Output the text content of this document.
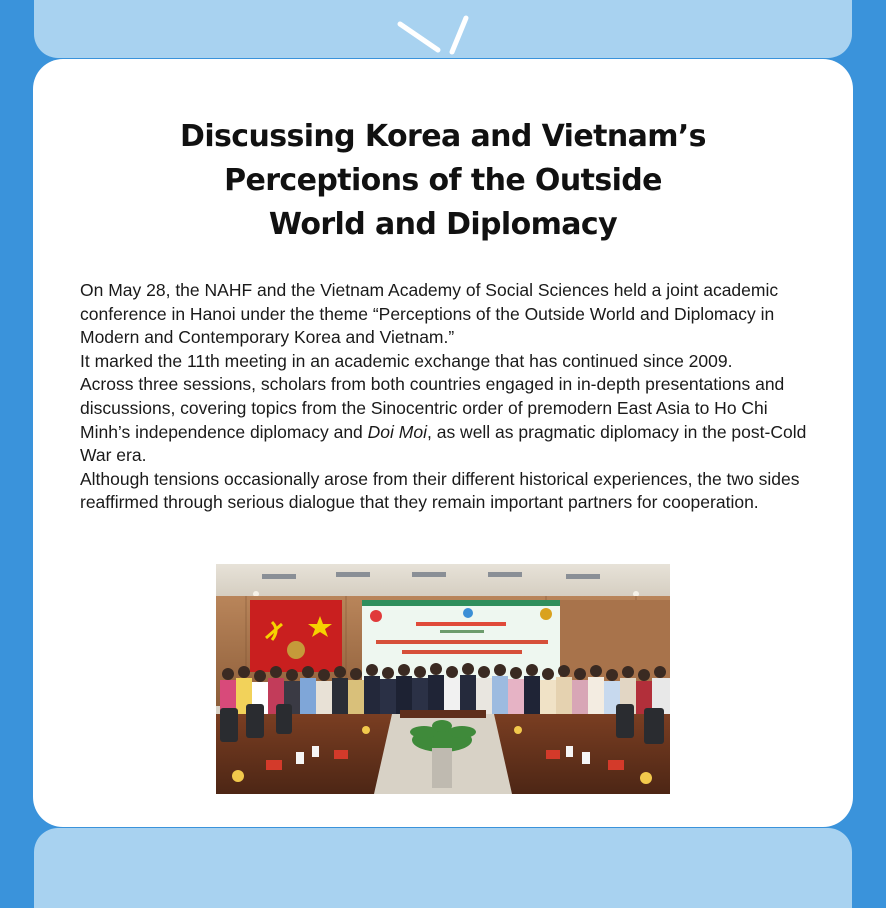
Discussing Korea and Vietnam’s
Perceptions of the Outside
World and Diplomacy

On May 28, the NAHF and the Vietnam Academy of Social Sciences held a joint academic conference in Hanoi under the theme “Perceptions of the Outside World and Diplomacy in Modern and Contemporary Korea and Vietnam.”

It marked the 11th meeting in an academic exchange that has continued since 2009.

Across three sessions, scholars from both countries engaged in in-depth presentations and discussions, covering topics from the Sinocentric order of premodern East Asia to Ho Chi Minh’s independence diplomacy and Doi Moi, as well as pragmatic diplomacy in the post-Cold War era.

Although tensions occasionally arose from their different historical experiences, the two sides reaffirmed through serious dialogue that they remain important partners for cooperation.
